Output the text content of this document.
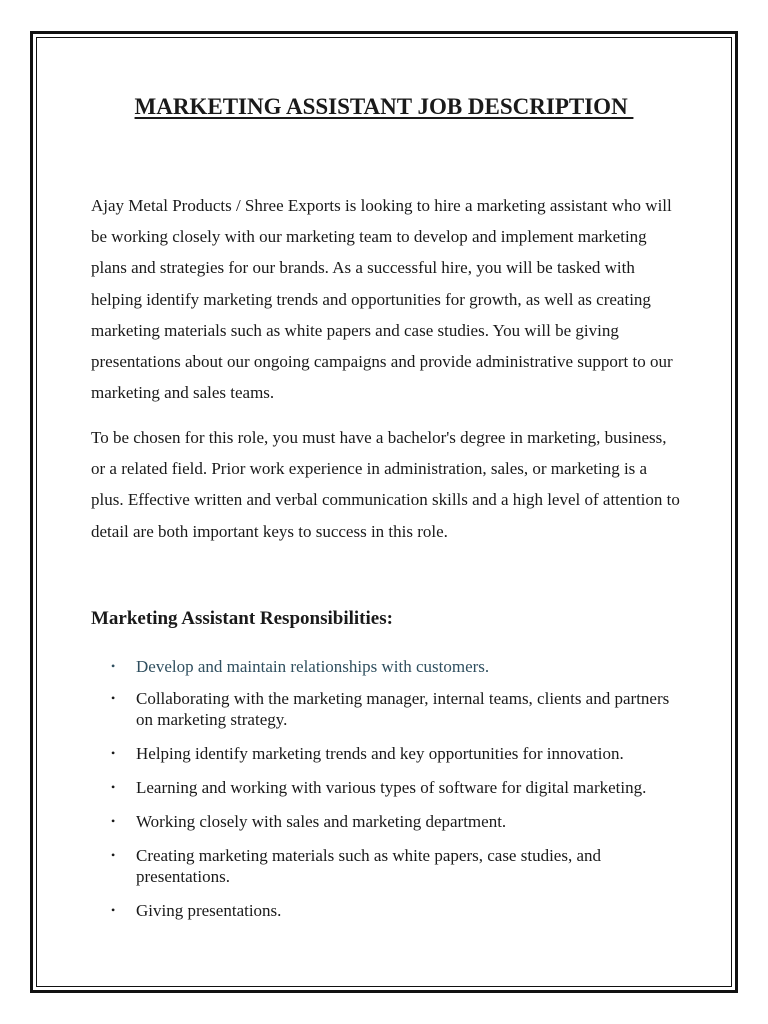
MARKETING ASSISTANT JOB DESCRIPTION

Ajay Metal Products / Shree Exports is looking to hire a marketing assistant who will be working closely with our marketing team to develop and implement marketing plans and strategies for our brands. As a successful hire, you will be tasked with helping identify marketing trends and opportunities for growth, as well as creating marketing materials such as white papers and case studies. You will be giving presentations about our ongoing campaigns and provide administrative support to our marketing and sales teams.

To be chosen for this role, you must have a bachelor's degree in marketing, business, or a related field. Prior work experience in administration, sales, or marketing is a plus. Effective written and verbal communication skills and a high level of attention to detail are both important keys to success in this role.

Marketing Assistant Responsibilities:
• Develop and maintain relationships with customers.
• Collaborating with the marketing manager, internal teams, clients and partners on marketing strategy.
• Helping identify marketing trends and key opportunities for innovation.
• Learning and working with various types of software for digital marketing.
• Working closely with sales and marketing department.
• Creating marketing materials such as white papers, case studies, and presentations.
• Giving presentations.
